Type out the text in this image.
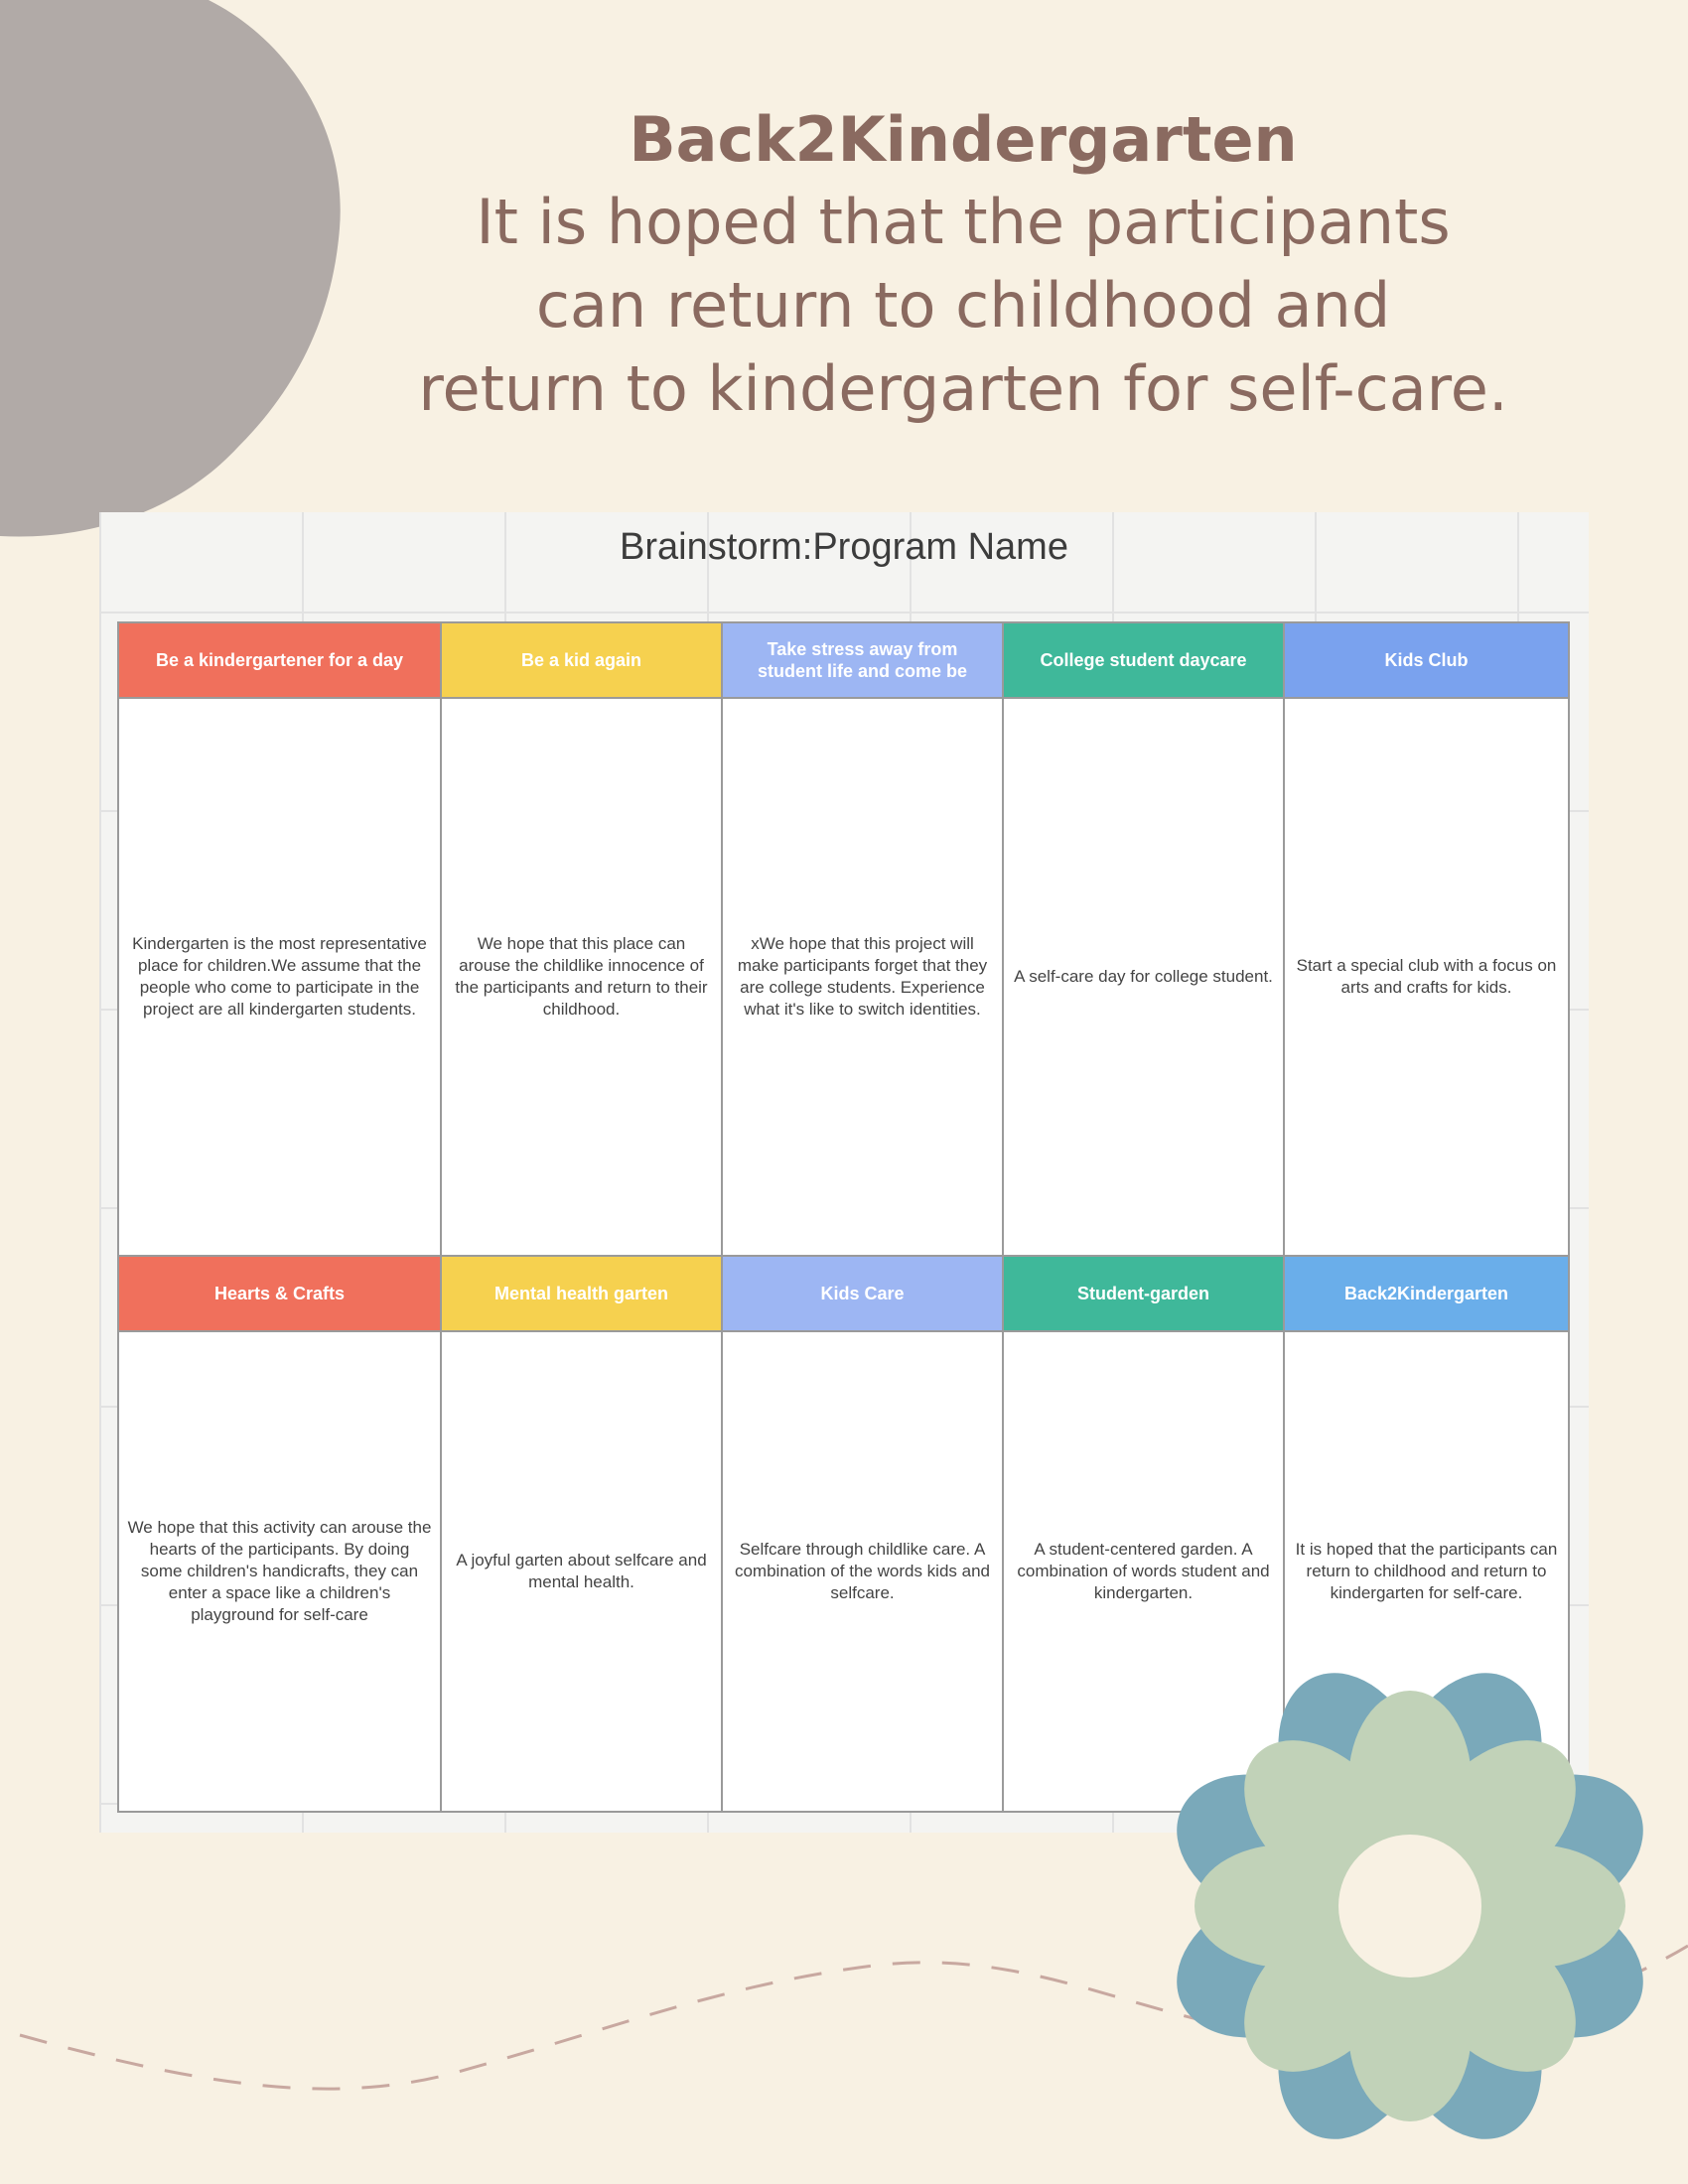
Back2Kindergarten
It is hoped that the participants
can return to childhood and
return to kindergarten for self-care.
Brainstorm:Program Name
Be a kindergartener for a day
Kindergarten is the most representative place for children.We assume that the people who come to participate in the project are all kindergarten students.
Be a kid again
We hope that this place can arouse the childlike innocence of the participants and return to their childhood.
Take stress away from student life and come be
xWe hope that this project will make participants forget that they are college students. Experience what it's like to switch identities.
College student daycare
A self-care day for college student.
Kids Club
Start a special club with a focus on arts and crafts for kids.
Hearts & Crafts
We hope that this activity can arouse the hearts of the participants. By doing some children's handicrafts, they can enter a space like a children's playground for self-care
Mental health garten
A joyful garten about selfcare and mental health.
Kids Care
Selfcare through childlike care. A combination of the words kids and selfcare.
Student-garden
A student-centered garden. A combination of words student and kindergarten.
Back2Kindergarten
It is hoped that the participants can return to childhood and return to kindergarten for self-care.
